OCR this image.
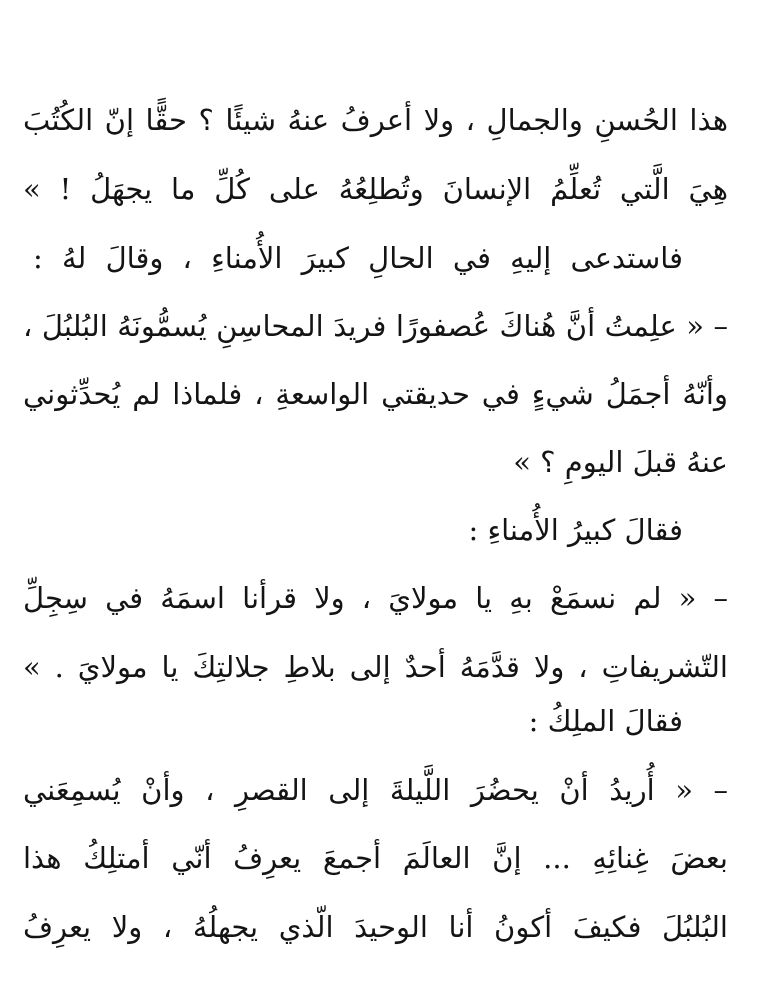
هذا الحُسنِ والجمالِ ، ولا أعرفُ عنهُ شيئًا ؟ حقًّا إنّ الكُتُبَ
هِيَ الَّتي تُعلِّمُ الإنسانَ وتُطلِعُهُ على كُلِّ ما يجهَلُ ! »
فاستدعى إليهِ في الحالِ كبيرَ الأُمناءِ ، وقالَ لهُ :
– « علِمتُ أنَّ هُناكَ عُصفورًا فريدَ المحاسِنِ يُسمُّونَهُ البُلبُلَ ،
وأنّهُ أجمَلُ شيءٍ في حديقتي الواسعةِ ، فلماذا لم يُحدِّثوني
عنهُ قبلَ اليومِ ؟ »
فقالَ كبيرُ الأُمناءِ :
– « لم نسمَعْ بهِ يا مولايَ ، ولا قرأنا اسمَهُ في سِجِلِّ
التّشريفاتِ ، ولا قدَّمَهُ أحدٌ إلى بلاطِ جلالتِكَ يا مولايَ . »
فقالَ الملِكُ :
– « أُريدُ أنْ يحضُرَ اللَّيلةَ إلى القصرِ ، وأنْ يُسمِعَني
بعضَ غِنائِهِ ... إنَّ العالَمَ أجمعَ يعرِفُ أنّي أمتلِكُ هذا
البُلبُلَ فكيفَ أكونُ أنا الوحيدَ الّذي يجهلُهُ ، ولا يعرِفُ
